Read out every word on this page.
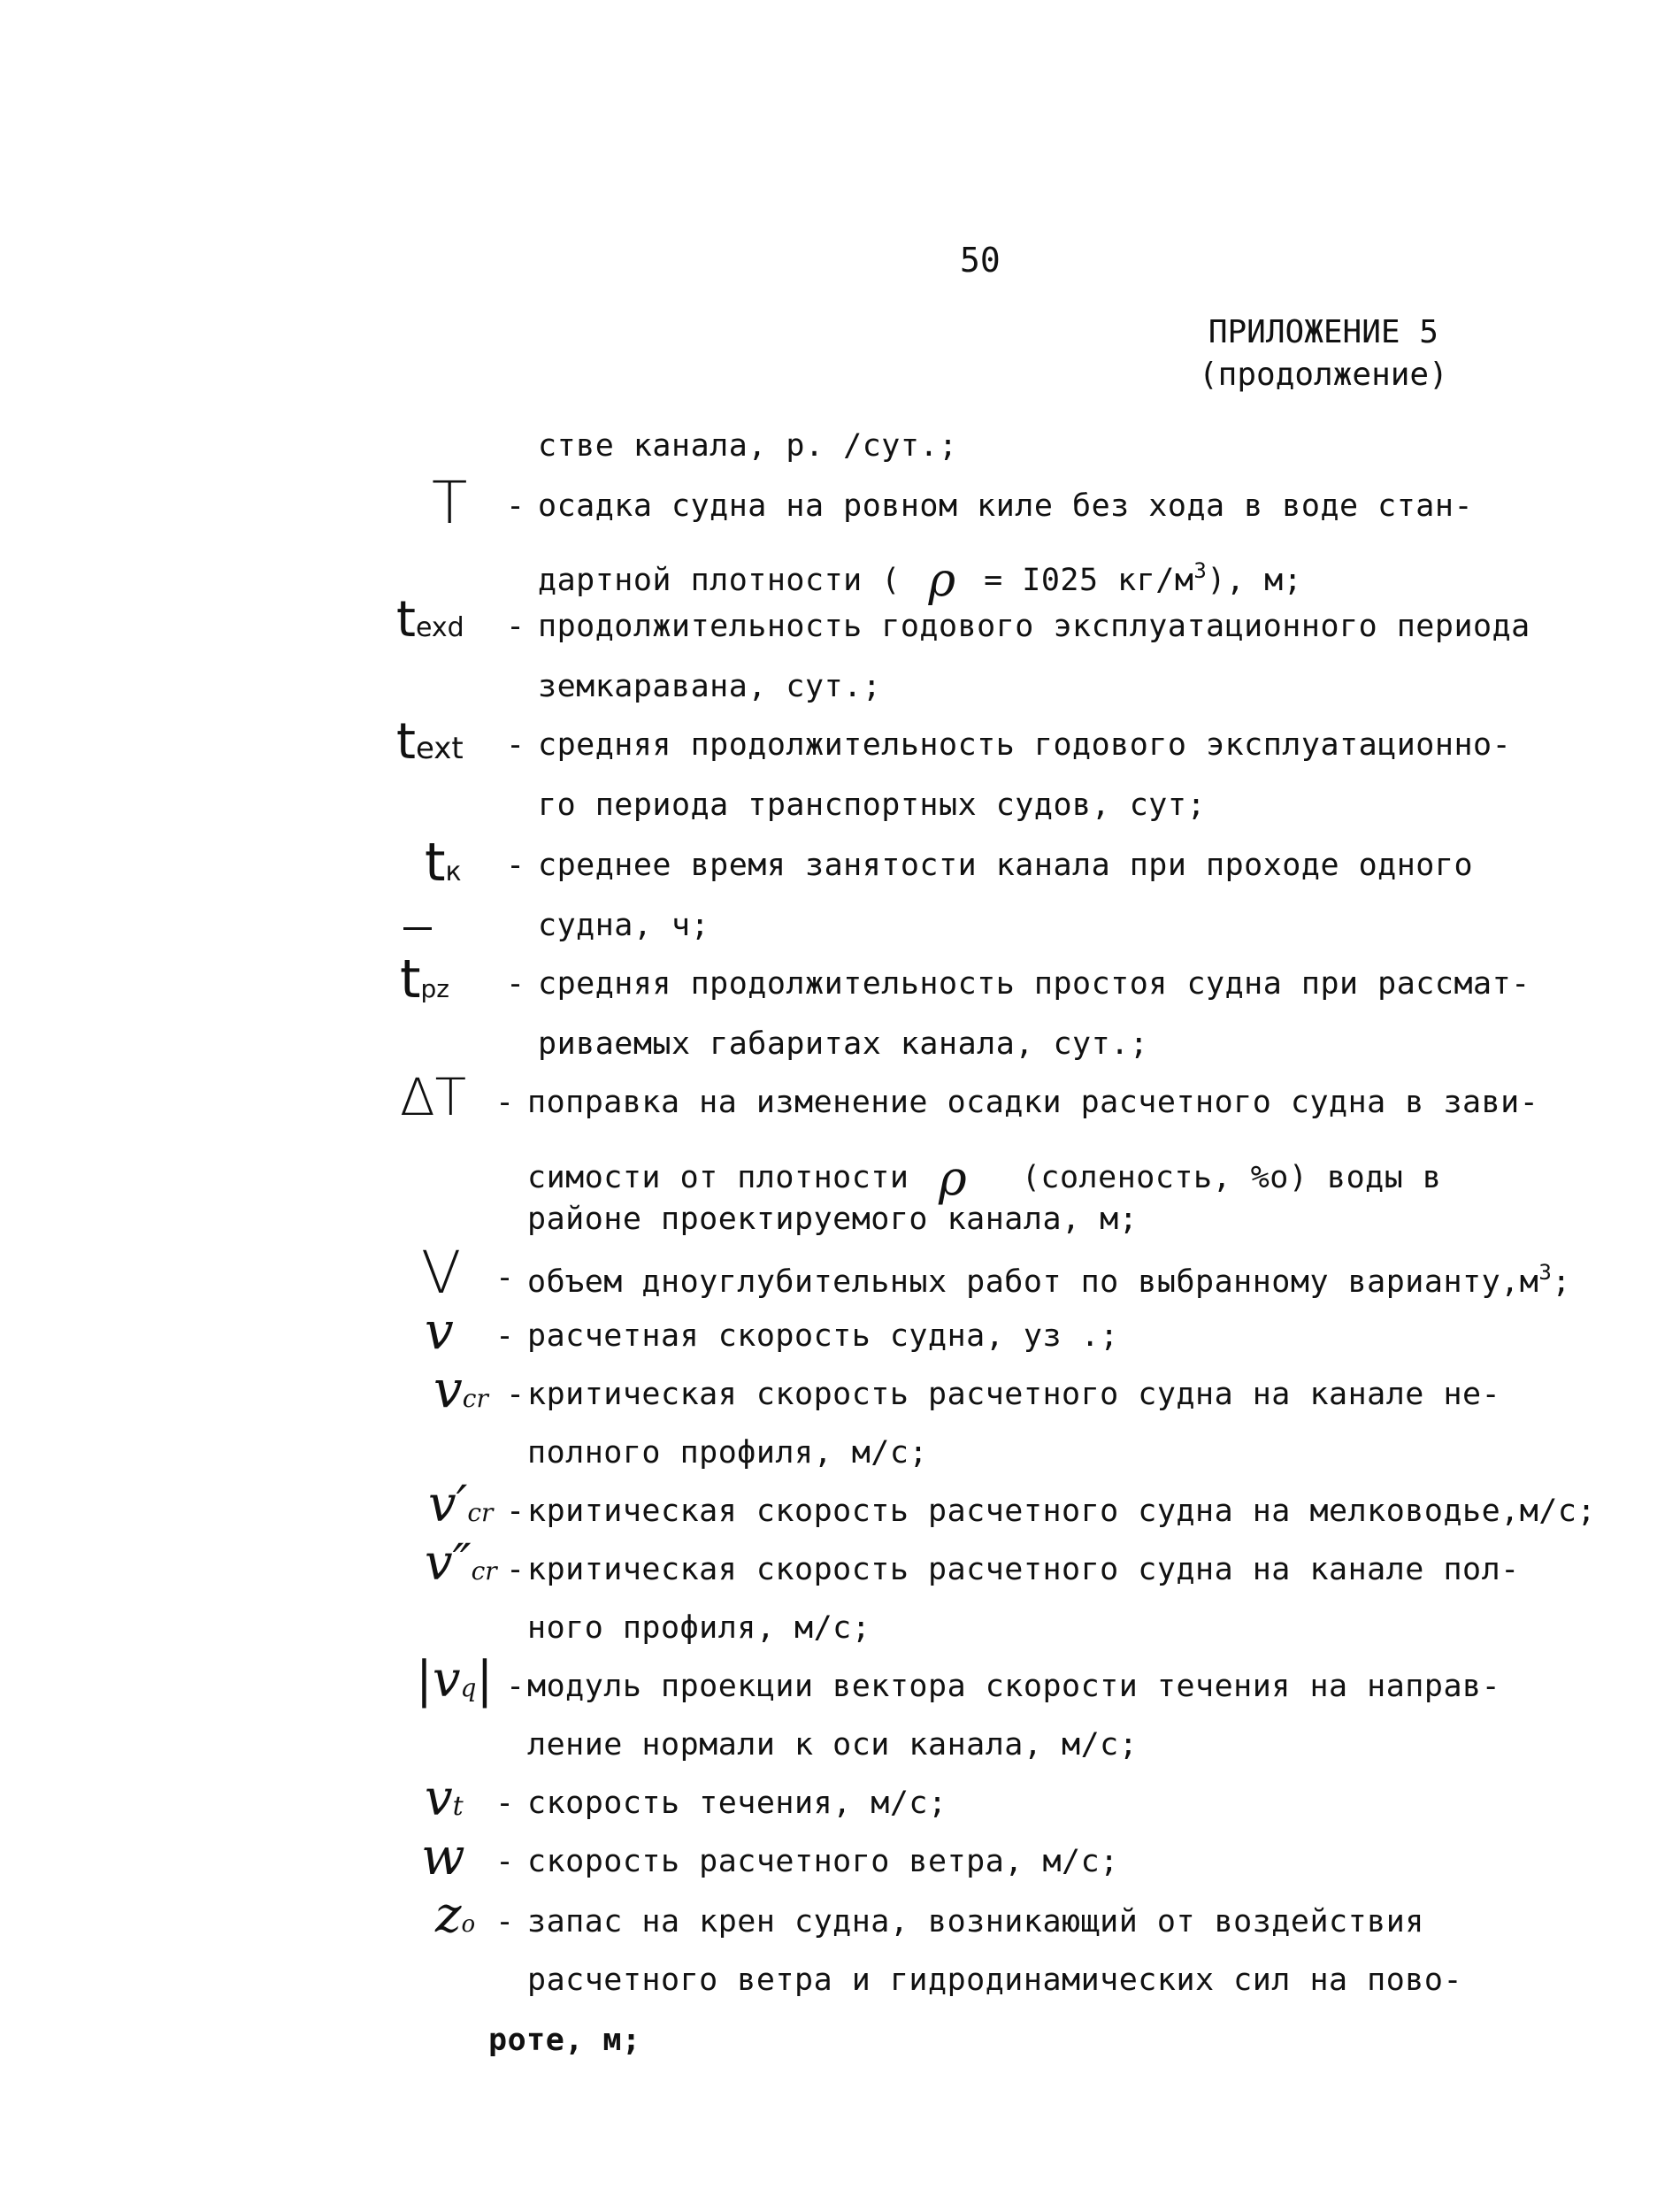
50
ПРИЛОЖЕНИЕ 5
(продолжение)
стве канала, р. /сут.;
T - осадка судна на ровном киле без хода в воде стан-
дартной плотности ( ρ = I025 $кг/м^3$), м;
texd - продолжительность годового эксплуатационного периода
земкаравана, сут.;
text - средняя продолжительность годового эксплуатационно-
го периода транспортных судов, сут;
tк - среднее время занятости канала при проходе одного
судна, ч;
tpz - средняя продолжительность простоя судна при рассмат-
риваемых габаритах канала, сут.;
ΔT - поправка на изменение осадки расчетного судна в зави-
симости от плотности ρ (соленость, %о) воды в
районе проектируемого канала, м;
V - объем дноуглубительных работ по выбранному $варианту,м^3$;
v - расчетная скорость судна, уз .;
vcr - критическая скорость расчетного судна на канале не-
полного профиля, м/с;
v′cr - критическая скорость расчетного судна на мелководье,м/с;
v″cr - критическая скорость расчетного судна на канале пол-
ного профиля, м/с;
|vq| - модуль проекции вектора скорости течения на направ-
ление нормали к оси канала, м/с;
vt - скорость течения, м/с;
w - скорость расчетного ветра, м/с;
zo - запас на крен судна, возникающий от воздействия
расчетного ветра и гидродинамических сил на пово-
роте, м;
